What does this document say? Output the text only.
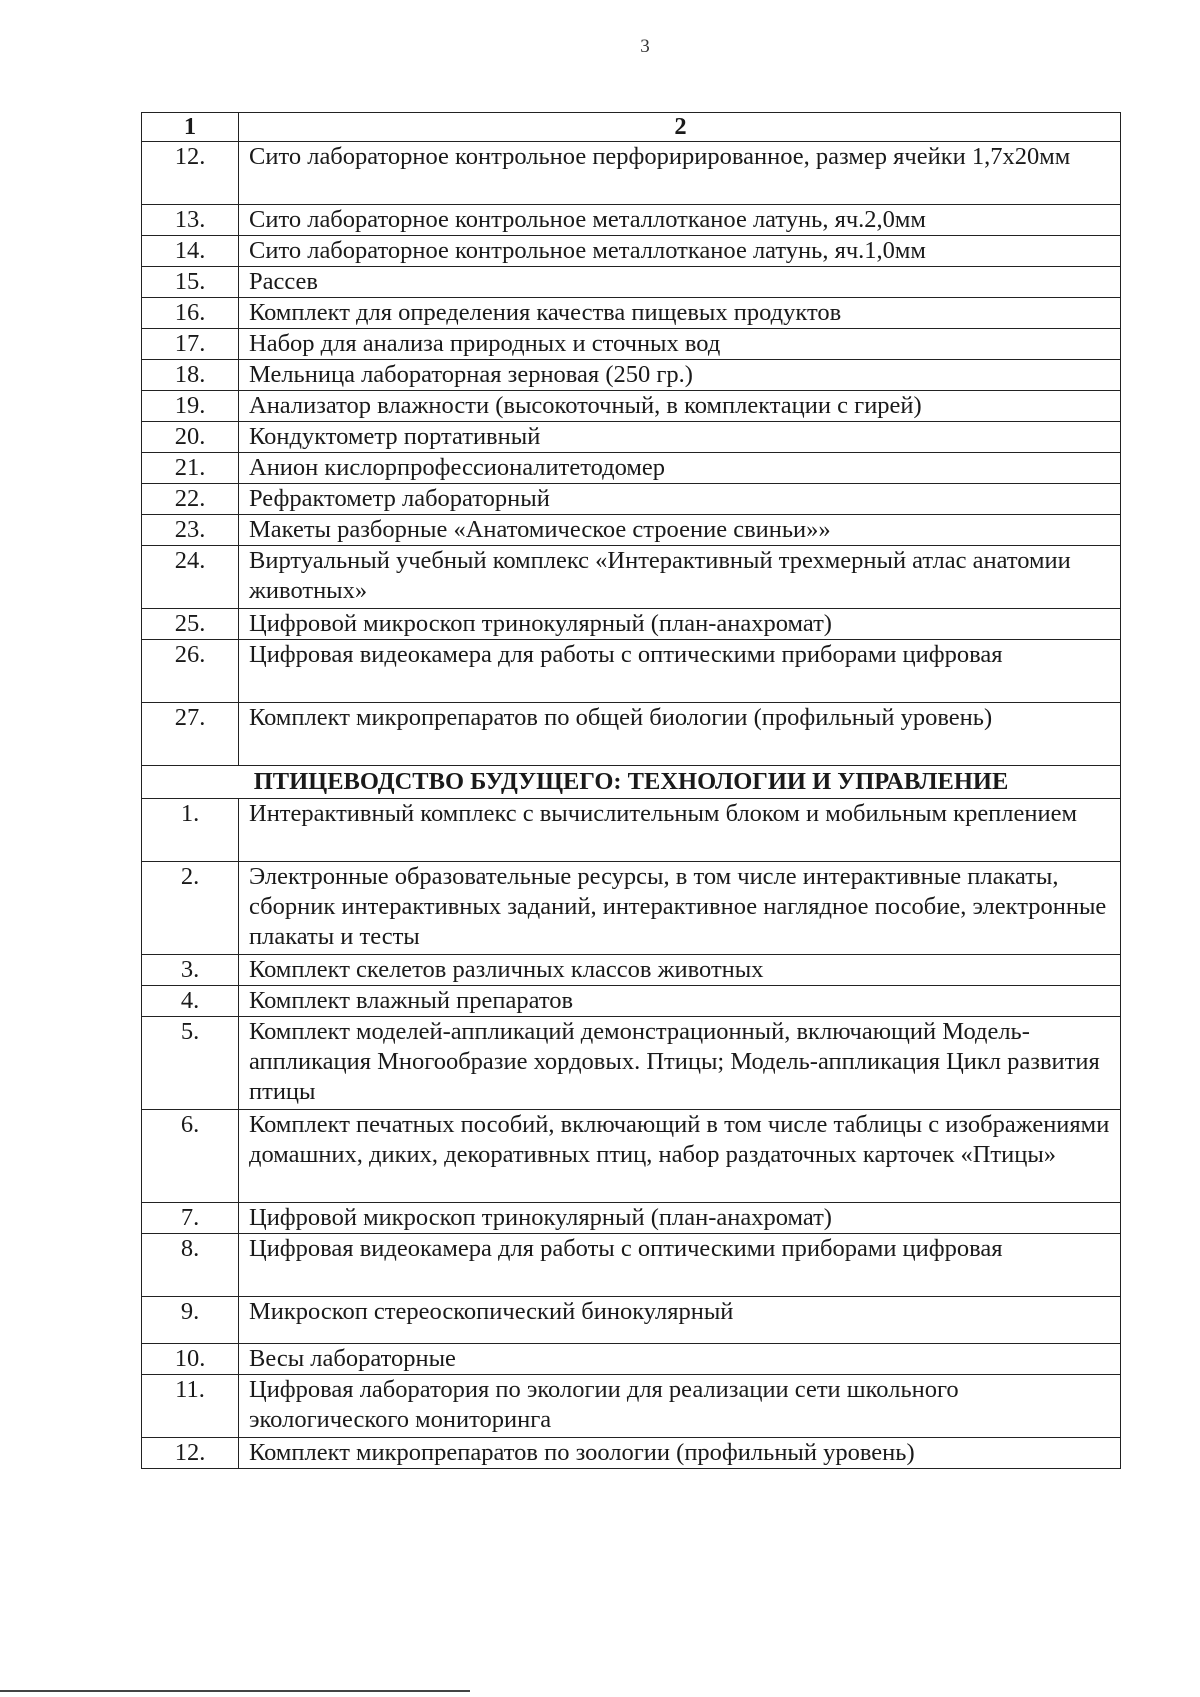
3
1	2
12.	Сито лабораторное контрольное перфорирированное, размер ячейки 1,7х20мм
13.	Сито лабораторное контрольное металлотканое латунь, яч.2,0мм
14.	Сито лабораторное контрольное металлотканое латунь, яч.1,0мм
15.	Рассев
16.	Комплект для определения качества пищевых продуктов
17.	Набор для анализа природных и сточных вод
18.	Мельница лабораторная зерновая (250 гр.)
19.	Анализатор влажности (высокоточный, в комплектации с гирей)
20.	Кондуктометр портативный
21.	Анион кислорпрофессионалитетодомер
22.	Рефрактометр лабораторный
23.	Макеты разборные «Анатомическое строение свиньи»»
24.	Виртуальный учебный комплекс «Интерактивный трехмерный атлас анатомии животных»
25.	Цифровой микроскоп тринокулярный (план-анахромат)
26.	Цифровая видеокамера для работы с оптическими приборами цифровая
27.	Комплект микропрепаратов по общей биологии (профильный уровень)
ПТИЦЕВОДСТВО БУДУЩЕГО: ТЕХНОЛОГИИ И УПРАВЛЕНИЕ	
1.	Интерактивный комплекс с вычислительным блоком и мобильным креплением
2.	Электронные образовательные ресурсы, в том числе интерактивные плакаты, сборник интерактивных заданий, интерактивное наглядное пособие, электронные плакаты и тесты
3.	Комплект скелетов различных классов животных
4.	Комплект влажный препаратов
5.	Комплект моделей-аппликаций демонстрационный, включающий Модель-аппликация Многообразие хордовых. Птицы; Модель-аппликация Цикл развития птицы
6.	Комплект печатных пособий, включающий в том числе таблицы с изображениями домашних, диких, декоративных птиц, набор раздаточных карточек «Птицы»
7.	Цифровой микроскоп тринокулярный (план-анахромат)
8.	Цифровая видеокамера для работы с оптическими приборами цифровая
9.	Микроскоп стереоскопический бинокулярный
10.	Весы лабораторные
11.	Цифровая лаборатория по экологии для реализации сети школьного экологического мониторинга
12.	Комплект микропрепаратов по зоологии (профильный уровень)
